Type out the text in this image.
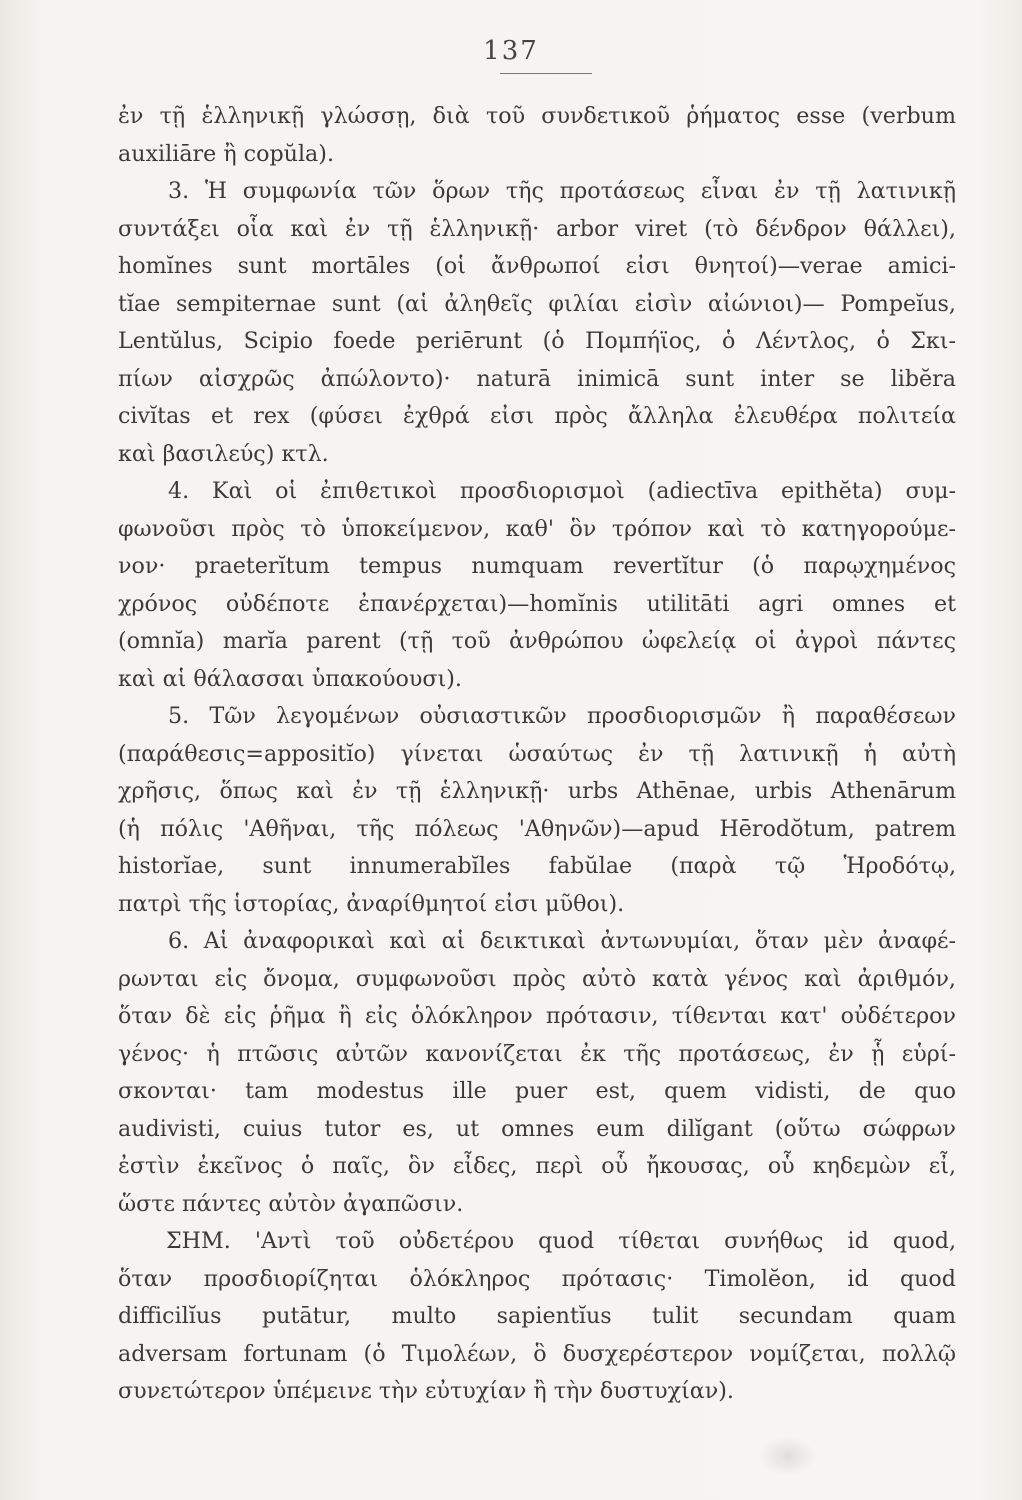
137
ἐν τῇ ἑλληνικῇ γλώσσῃ, διὰ τοῦ συνδετικοῦ ῥήματος esse (verbum
auxiliāre ἢ copŭla).
3. Ἡ συμφωνία τῶν ὅρων τῆς προτάσεως εἶναι ἐν τῇ λατινικῇ
συντάξει οἷα καὶ ἐν τῇ ἑλληνικῇ· arbor viret (τὸ δένδρον θάλλει),
homĭnes sunt mortāles (οἱ ἄνθρωποί εἰσι θνητοί)—verae amici-
tĭae sempiternae sunt (αἱ ἀληθεῖς φιλίαι εἰσὶν αἰώνιοι)— Pompeĭus,
Lentŭlus, Scipio foede periērunt (ὁ Πομπήϊος, ὁ Λέντλος, ὁ Σκι-
πίων αἰσχρῶς ἀπώλοντο)· naturā inimicā sunt inter se libĕra
civĭtas et rex (φύσει ἐχθρά εἰσι πρὸς ἄλληλα ἐλευθέρα πολιτεία
καὶ βασιλεύς) κτλ.
4. Καὶ οἱ ἐπιθετικοὶ προσδιορισμοὶ (adiectīva epithĕta) συμ-
φωνοῦσι πρὸς τὸ ὑποκείμενον, καθ' ὃν τρόπον καὶ τὸ κατηγορούμε-
νον· praeterĭtum tempus numquam revertĭtur (ὁ παρῳχημένος
χρόνος οὐδέποτε ἐπανέρχεται)—homĭnis utilitāti agri omnes et
(omnĭa) marĭa parent (τῇ τοῦ ἀνθρώπου ὠφελείᾳ οἱ ἀγροὶ πάντες
καὶ αἱ θάλασσαι ὑπακούουσι).
5. Τῶν λεγομένων οὐσιαστικῶν προσδιορισμῶν ἢ παραθέσεων
(παράθεσις=appositĭo) γίνεται ὡσαύτως ἐν τῇ λατινικῇ ἡ αὐτὴ
χρῆσις, ὅπως καὶ ἐν τῇ ἑλληνικῇ· urbs Athēnae, urbis Athenārum
(ἡ πόλις 'Αθῆναι, τῆς πόλεως 'Αθηνῶν)—apud Hērodŏtum, patrem
historĭae, sunt innumerabĭles fabŭlae (παρὰ τῷ Ἡροδότῳ,
πατρὶ τῆς ἱστορίας, ἀναρίθμητοί εἰσι μῦθοι).
6. Αἱ ἀναφορικαὶ καὶ αἱ δεικτικαὶ ἀντωνυμίαι, ὅταν μὲν ἀναφέ-
ρωνται εἰς ὄνομα, συμφωνοῦσι πρὸς αὐτὸ κατὰ γένος καὶ ἀριθμόν,
ὅταν δὲ εἰς ῥῆμα ἢ εἰς ὁλόκληρον πρότασιν, τίθενται κατ' οὐδέτερον
γένος· ἡ πτῶσις αὐτῶν κανονίζεται ἐκ τῆς προτάσεως, ἐν ᾗ εὑρί-
σκονται· tam modestus ille puer est, quem vidisti, de quo
audivisti, cuius tutor es, ut omnes eum dilĭgant (οὕτω σώφρων
ἐστὶν ἐκεῖνος ὁ παῖς, ὃν εἶδες, περὶ οὗ ἤκουσας, οὗ κηδεμὼν εἶ,
ὥστε πάντες αὐτὸν ἀγαπῶσιν.
ΣΗΜ. 'Αντὶ τοῦ οὐδετέρου quod τίθεται συνήθως id quod,
ὅταν προσδιορίζηται ὁλόκληρος πρότασις· Timolĕon, id quod
difficilĭus putātur, multo sapientĭus tulit secundam quam
adversam fortunam (ὁ Τιμολέων, ὃ δυσχερέστερον νομίζεται, πολλῷ
συνετώτερον ὑπέμεινε τὴν εὐτυχίαν ἢ τὴν δυστυχίαν).
